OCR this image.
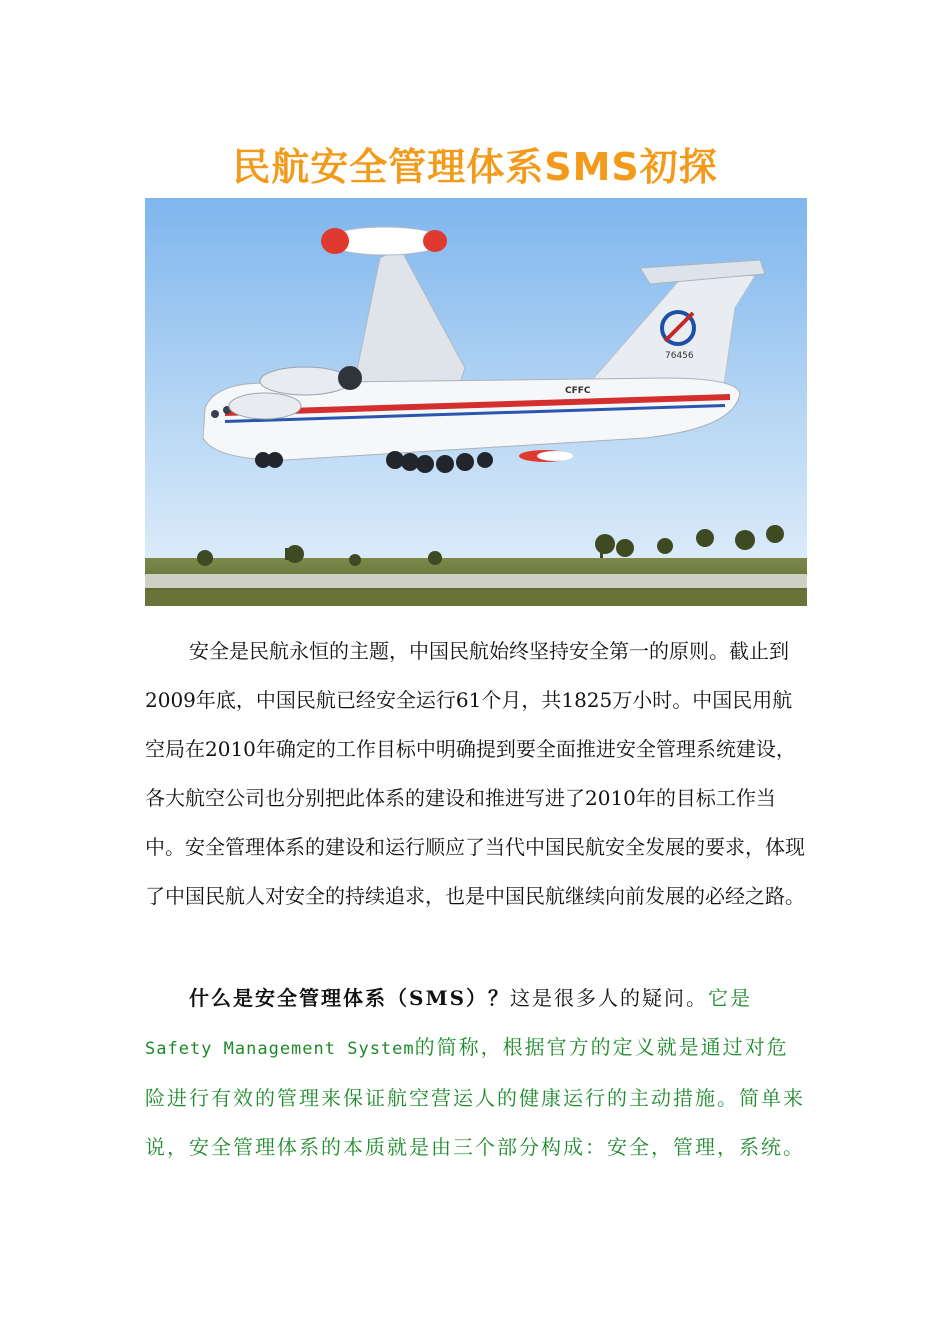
民航安全管理体系SMS初探
76456
CFFC
安全是民航永恒的主题，中国民航始终坚持安全第一的原则。截止到2009年底，中国民航已经安全运行61个月，共1825万小时。中国民用航空局在2010年确定的工作目标中明确提到要全面推进安全管理系统建设，各大航空公司也分别把此体系的建设和推进写进了2010年的目标工作当中。安全管理体系的建设和运行顺应了当代中国民航安全发展的要求，体现了中国民航人对安全的持续追求，也是中国民航继续向前发展的必经之路。
什么是安全管理体系（SMS）？这是很多人的疑问。它是
Safety Management System的简称，根据官方的定义就是通过对危险进行有效的管理来保证航空营运人的健康运行的主动措施。简单来说，安全管理体系的本质就是由三个部分构成：安全，管理，系统。
